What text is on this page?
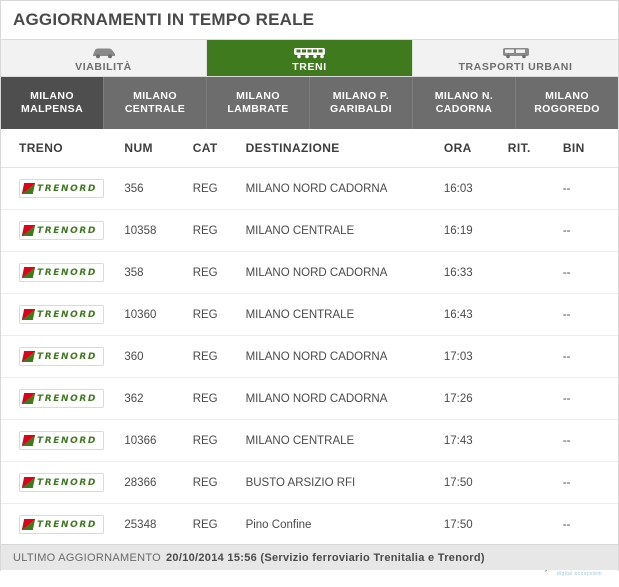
AGGIORNAMENTI IN TEMPO REALE
VIABILITÀ	TRENI	TRASPORTI URBANI
MILANO
MALPENSA
MILANO
CENTRALE
MILANO
LAMBRATE
MILANO P.
GARIBALDI
MILANO N.
CADORNA
MILANO
ROGOREDO
TRENO	NUM	CAT	DESTINAZIONE	ORA	RIT.	BIN

TRENORD	356	REG	MILANO NORD CADORNA	16:03		--

TRENORD	10358	REG	MILANO CENTRALE	16:19		--

TRENORD	358	REG	MILANO NORD CADORNA	16:33		--

TRENORD	10360	REG	MILANO CENTRALE	16:43		--

TRENORD	360	REG	MILANO NORD CADORNA	17:03		--

TRENORD	362	REG	MILANO NORD CADORNA	17:26		--

TRENORD	10366	REG	MILANO CENTRALE	17:43		--

TRENORD	28366	REG	BUSTO ARSIZIO RFI	17:50		--

TRENORD	25348	REG	Pino Confine	17:50		--
digital ecosystem
ULTIMO AGGIORNAMENTO 20/10/2014 15:56 (Servizio ferroviario Trenitalia e Trenord)
